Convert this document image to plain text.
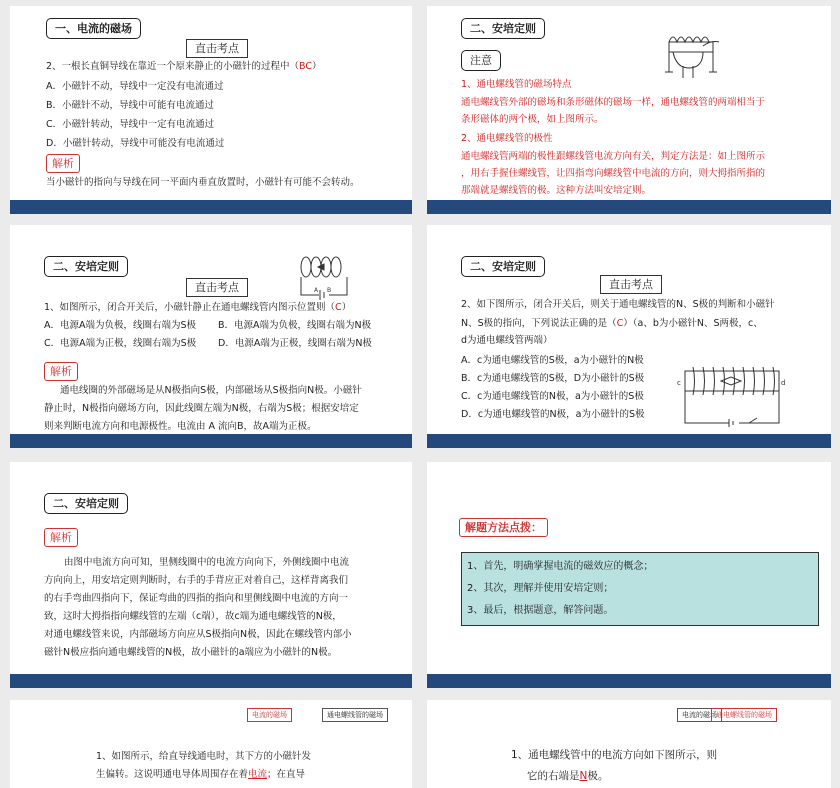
一、电流的磁场
直击考点
2、一根长直铜导线在靠近一个原来静止的小磁针的过程中（BC）
A．小磁针不动，导线中一定没有电流通过
B．小磁针不动，导线中可能有电流通过
C．小磁针转动，导线中一定有电流通过
D．小磁针转动，导线中可能没有电流通过
解析
当小磁针的指向与导线在同一平面内垂直放置时，小磁针有可能不会转动。
二、安培定则
注意
1、通电螺线管的磁场特点
通电螺线管外部的磁场和条形磁体的磁场一样，通电螺线管的两端相当于
条形磁体的两个极，如上图所示。
2、通电螺线管的极性
通电螺线管两端的极性跟螺线管电流方向有关，判定方法是：如上图所示
，用右手握住螺线管，让四指弯向螺线管中电流的方向，则大拇指所指的
那端就是螺线管的极。这种方法叫安培定则。
二、安培定则
直击考点	A B
1、如图所示，闭合开关后，小磁针静止在通电螺线管内图示位置则（C）
A．电源A端为负极，线圈右端为S极 B．电源A端为负极，线圈右端为N极
C．电源A端为正极，线圈右端为S极 D．电源A端为正极，线圈右端为N极
解析
通电线圈的外部磁场是从N极指向S极，内部磁场从S极指向N极。小磁针
静止时，N极指向磁场方向，因此线圈左端为N极，右端为S极；根据安培定
则来判断电流方向和电源极性。电流由 A 流向B，故A端为正极。
二、安培定则
直击考点
2、如下图所示，闭合开关后，则关于通电螺线管的N、S极的判断和小磁针
N、S极的指向，下列说法正确的是（C）（a、b为小磁针N、S两极，c、
d为通电螺线管两端）
A．c为通电螺线管的S极，a为小磁针的N极
B．c为通电螺线管的S极，D为小磁针的S极
C．c为通电螺线管的N极，a为小磁针的S极
D．c为通电螺线管的N极，a为小磁针的S极
c	d
二、安培定则
解析
由图中电流方向可知，里侧线圈中的电流方向向下，外侧线圈中电流
方向向上，用安培定则判断时，右手的手背应正对着自己，这样背离我们
的右手弯曲四指向下，保证弯曲的四指的指向和里侧线圈中电流的方向一
致，这时大拇指指向螺线管的左端（c端），故c端为通电螺线管的N极，
对通电螺线管来说，内部磁场方向应从S极指向N极，因此在螺线管内部小
磁针N极应指向通电螺线管的N极，故小磁针的a端应为小磁针的N极。
解题方法点拨：
1、首先，明确掌握电流的磁效应的概念；
2、其次，理解并使用安培定则；
3、最后，根据题意，解答问题。
电流的磁场	通电螺线管的磁场
1、如图所示，给直导线通电时，其下方的小磁针发
生偏转。这说明通电导体周围存在着电流；在直导
电流的磁场 通电螺线管的磁场
1、通电螺线管中的电流方向如下图所示，则
它的右端是N极。
